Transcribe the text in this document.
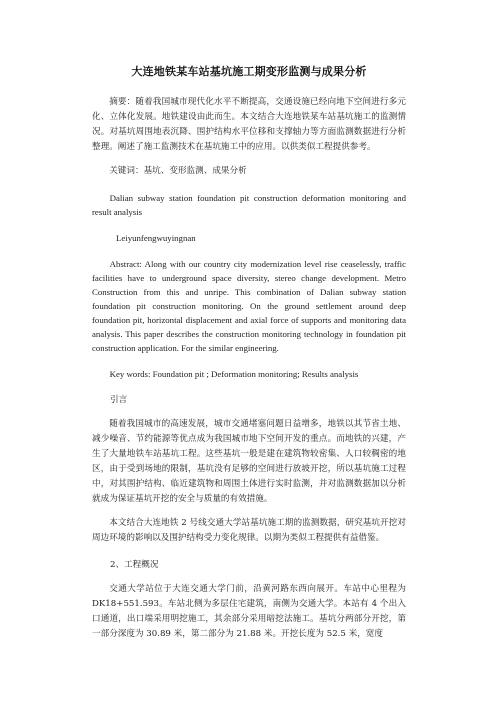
大连地铁某车站基坑施工期变形监测与成果分析

摘要：随着我国城市现代化水平不断提高，交通设施已经向地下空间进行多元化、立体化发展。地铁建设由此而生。本文结合大连地铁某车站基坑施工的监测情况。对基坑周围地表沉降、围护结构水平位移和支撑轴力等方面监测数据进行分析整理。阐述了施工监测技术在基坑施工中的应用。以供类似工程提供参考。

关键词：基坑、变形监测、成果分析

Dalian subway station foundation pit construction deformation monitoring and result analysis

Leiyunfengwuyingnan

Abstract: Along with our country city modernization level rise ceaselessly, traffic facilities have to underground space diversity, stereo change development. Metro Construction from this and unripe. This combination of Dalian subway station foundation pit construction monitoring. On the ground settlement around deep foundation pit, horizontal displacement and axial force of supports and monitoring data analysis. This paper describes the construction monitoring technology in foundation pit construction application. For the similar engineering.

Key words: Foundation pit ; Deformation monitoring; Results analysis

引言

随着我国城市的高速发展，城市交通堵塞问题日益增多，地铁以其节省土地、减少噪音、节约能源等优点成为我国城市地下空间开发的重点。而地铁的兴建，产生了大量地铁车站基坑工程。这些基坑一般是建在建筑物较密集、人口较稠密的地区，由于受到场地的限制，基坑没有足够的空间进行放坡开挖，所以基坑施工过程中，对其围护结构、临近建筑物和周围土体进行实时监测，并对监测数据加以分析就成为保证基坑开挖的安全与质量的有效措施。

本文结合大连地铁 2 号线交通大学站基坑施工期的监测数据，研究基坑开挖对周边环境的影响以及围护结构受力变化规律。以期为类似工程提供有益借鉴。

2、工程概况

交通大学站位于大连交通大学门前，沿黄河路东西向展开。车站中心里程为 DK18+551.593。车站北侧为多层住宅建筑，南侧为交通大学。本站有 4 个出入口通道，出口端采用明挖施工，其余部分采用暗挖法施工。基坑分两部分开挖，第一部分深度为 30.89 米，第二部分为 21.88 米。开挖长度为 52.5 米，宽度
